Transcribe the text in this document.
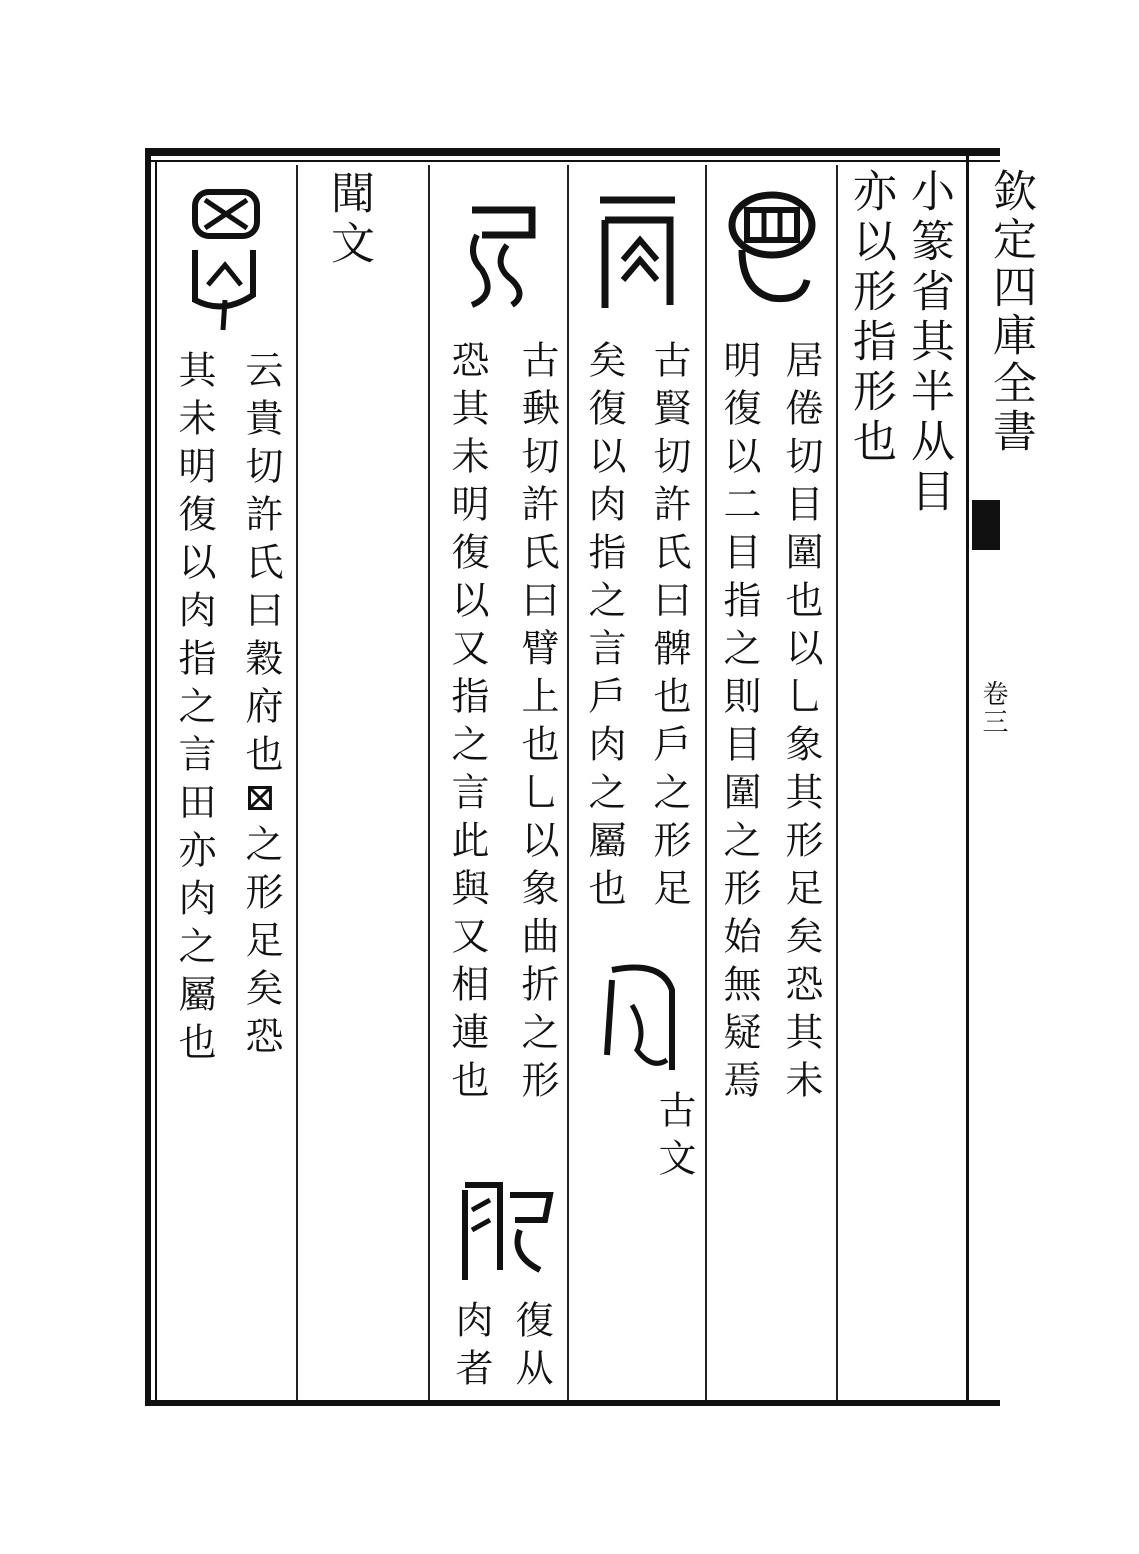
欽定四庫全書
卷三
小篆省其半从目
亦以形指形也
居倦切目圍也以乚象其形足矣恐其未
明復以二目指之則目圍之形始無疑焉
古賢切許氏曰髀也戶之形足
矣復以肉指之言戶肉之屬也
古文
古𡙇切許氏曰臂上也乚以象曲折之形
恐其未明復以又指之言此與又相連也
復从
肉者
聞文
云貴切許氏曰穀府也⊠之形足矣恐
其未明復以肉指之言田亦肉之屬也
